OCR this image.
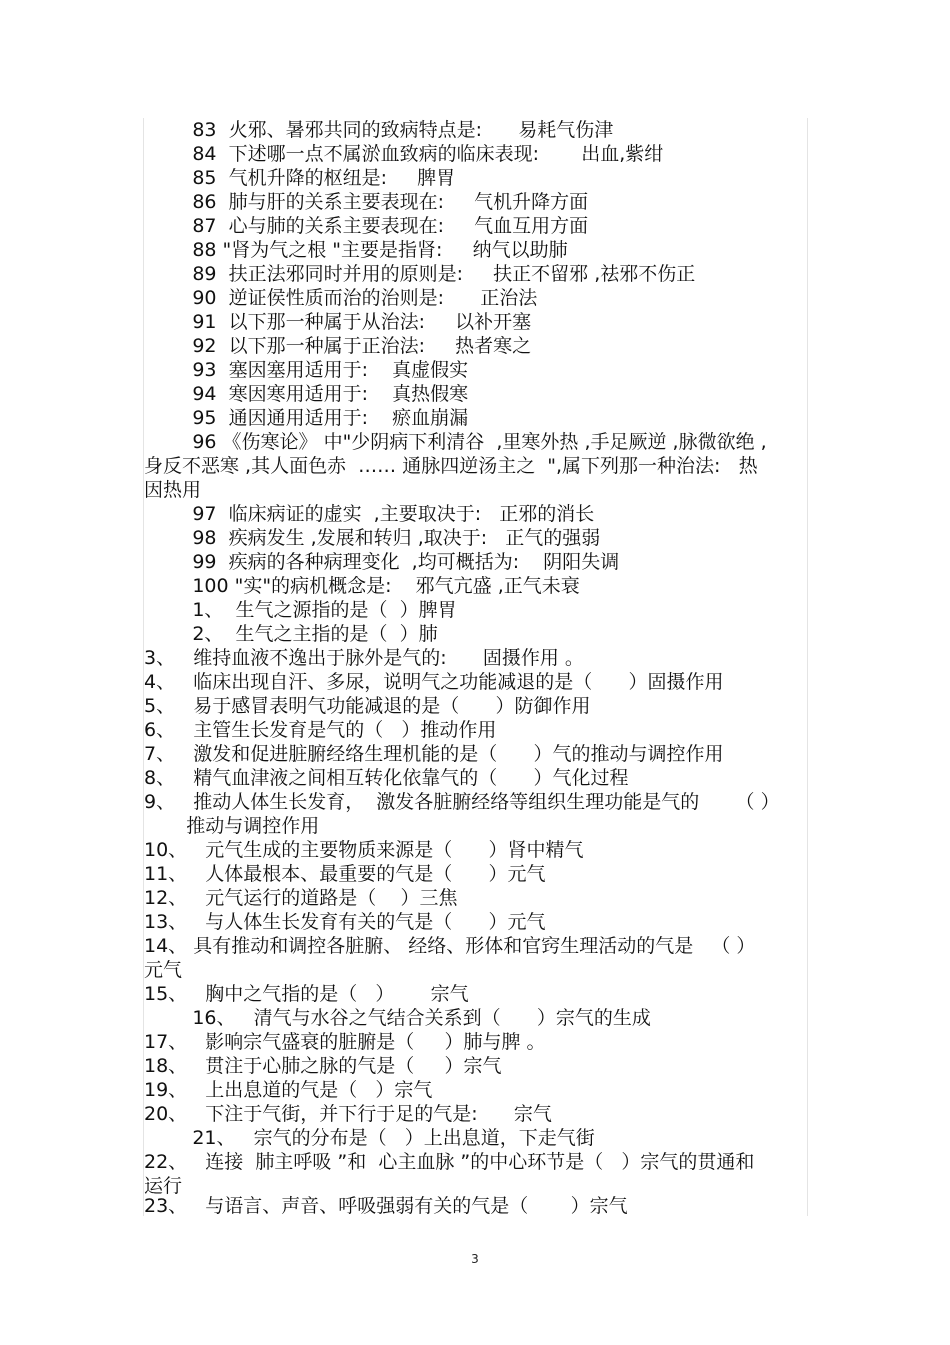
83  火邪、暑邪共同的致病特点是:      易耗气伤津
84  下述哪一点不属淤血致病的临床表现:       出血,紫绀
85  气机升降的枢纽是:     脾胃
86  肺与肝的关系主要表现在:     气机升降方面
87  心与肺的关系主要表现在:     气血互用方面
88 "肾为气之根 "主要是指肾:     纳气以助肺
89  扶正法邪同时并用的原则是:     扶正不留邪 ,祛邪不伤正
90  逆证侯性质而治的治则是:      正治法
91  以下那一种属于从治法:     以补开塞
92  以下那一种属于正治法:     热者寒之
93  塞因塞用适用于:    真虚假实
94  寒因寒用适用于:    真热假寒
95  通因通用适用于:    瘀血崩漏
96 《伤寒论》 中"少阴病下利清谷  ,里寒外热 ,手足厥逆 ,脉微欲绝 ,
身反不恶寒 ,其人面色赤  …… 通脉四逆汤主之  ",属下列那一种治法:   热
因热用
97  临床病证的虚实  ,主要取决于:   正邪的消长
98  疾病发生 ,发展和转归 ,取决于:   正气的强弱
99  疾病的各种病理变化  ,均可概括为:    阴阳失调
100 "实"的病机概念是:    邪气亢盛 ,正气未衰
1、  生气之源指的是（  ）脾胃
2、  生气之主指的是（  ）肺
3、   维持血液不逸出于脉外是气的:      固摄作用 。
4、   临床出现自汗、多尿，说明气之功能减退的是（      ）固摄作用
5、   易于感冒表明气功能减退的是（      ）防御作用
6、   主管生长发育是气的（   ）推动作用
7、   激发和促进脏腑经络生理机能的是（      ）气的推动与调控作用
8、   精气血津液之间相互转化依靠气的（      ）气化过程
9、   推动人体生长发育，  激发各脏腑经络等组织生理功能是气的      （ ）
推动与调控作用
10、   元气生成的主要物质来源是（      ）肾中精气
11、   人体最根本、最重要的气是（      ）元气
12、   元气运行的道路是（    ）三焦
13、   与人体生长发育有关的气是（      ）元气
14、 具有推动和调控各脏腑、 经络、形体和官窍生理活动的气是   （ ）
元气
15、   胸中之气指的是（   ）      宗气
16、   清气与水谷之气结合关系到（      ）宗气的生成
17、   影响宗气盛衰的脏腑是（     ）肺与脾 。
18、   贯注于心肺之脉的气是（     ）宗气
19、   上出息道的气是（   ）宗气
20、   下注于气街，并下行于足的气是:      宗气
21、   宗气的分布是（   ）上出息道，下走气街
22、   连接  肺主呼吸 ”和  心主血脉 ”的中心环节是（   ）宗气的贯通和
运行
23、   与语言、声音、呼吸强弱有关的气是（       ）宗气
3
